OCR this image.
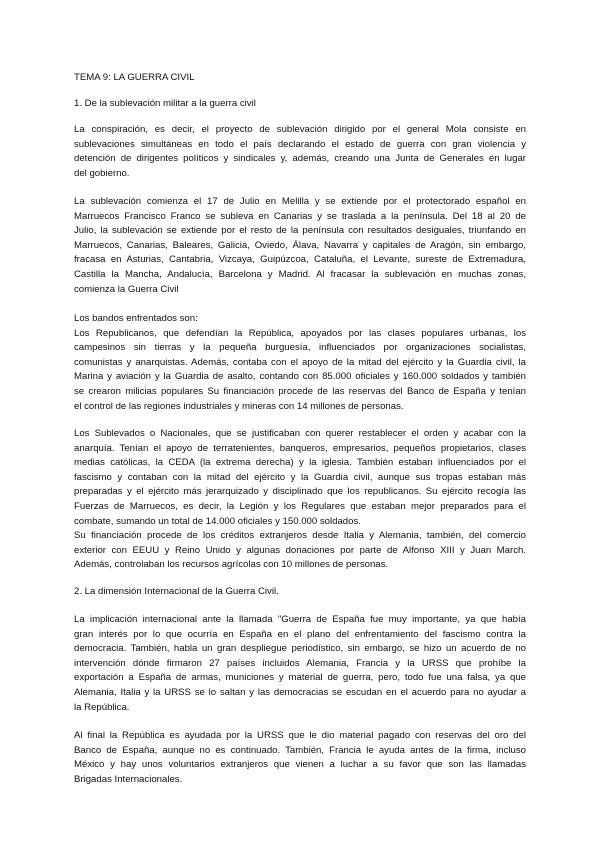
TEMA 9: LA GUERRA CIVIL
1. De la sublevación militar a la guerra civil
La conspiración, es decir, el proyecto de sublevación dirigido por el general Mola consiste en
sublevaciones simultáneas en todo el país declarando el estado de guerra con gran violencia y
detención de dirigentes políticos y sindicales y, además, creando una Junta de Generales en lugar
del gobierno.
La sublevación comienza el 17 de Julio en Melilla y se extiende por el protectorado español en
Marruecos Francisco Franco se subleva en Canarias y se traslada a la península. Del 18 al 20 de
Julio, la sublevación se extiende por el resto de la península con resultados desiguales, triunfando en
Marruecos, Canarias, Baleares, Galicia, Oviedo, Álava, Navarra y capitales de Aragón, sin embargo,
fracasa en Asturias, Cantabria, Vizcaya, Guipúzcoa, Cataluña, el Levante, sureste de Extremadura,
Castilla la Mancha, Andalucía, Barcelona y Madrid. Al fracasar la sublevación en muchas zonas,
comienza la Guerra Civil
Los bandos enfrentados son:
Los Republicanos, que defendían la República, apoyados por las clases populares urbanas, los
campesinos sin tierras y la pequeña burguesía, influenciados por organizaciones socialistas,
comunistas y anarquistas. Además, contaba con el apoyo de la mitad del ejército y la Guardia civil, la
Marina y aviación y la Guardia de asalto, contando con 85.000 oficiales y 160.000 soldados y también
se crearon milicias populares Su financiación procede de las reservas del Banco de España y tenían
el control de las regiones industriales y mineras con 14 millones de personas.
Los Sublevados o Nacionales, que se justificaban con querer restablecer el orden y acabar con la
anarquía. Tenían el apoyo de terratenientes, banqueros, empresarios, pequeños propietarios, clases
medias católicas, la CEDA (la extrema derecha) y la iglesia. También estaban influenciados por el
fascismo y contaban con la mitad del ejército y la Guardia civil, aunque sus tropas estaban más
preparadas y el ejército más jerarquizado y disciplinado que los republicanos. Su ejército recogía las
Fuerzas de Marruecos, es decir, la Legión y los Regulares que estaban mejor preparados para el
combate, sumando un total de 14.000 oficiales y 150.000 soldados.
Su financiación procede de los créditos extranjeros desde Italia y Alemania, también, del comercio
exterior con EEUU y Reino Unido y algunas donaciones por parte de Alfonso XIII y Juan March.
Además, controlaban los recursos agrícolas con 10 millones de personas.
2. La dimensión Internacional de la Guerra Civil.
La implicación internacional ante la llamada "Guerra de España fue muy importante, ya que había
gran interés por lo que ocurría en España en el plano del enfrentamiento del fascismo contra la
democracia. También, habla un gran despliegue periodístico, sin embargo, se hizo un acuerdo de no
intervención dónde firmaron 27 países incluidos Alemania, Francia y la URSS que prohíbe la
exportación a España de armas, municiones y material de guerra, pero, todo fue una falsa, ya que
Alemania, Italia y la URSS se lo saltan y las democracias se escudan en el acuerdo para no ayudar a
la República.
Al final la República es ayudada por la URSS que le dio material pagado con reservas del oro del
Banco de España, aunque no es continuado. También, Francia le ayuda antes de la firma, incluso
México y hay unos voluntarios extranjeros que vienen a luchar a su favor que son las llamadas
Brigadas Internacionales.
